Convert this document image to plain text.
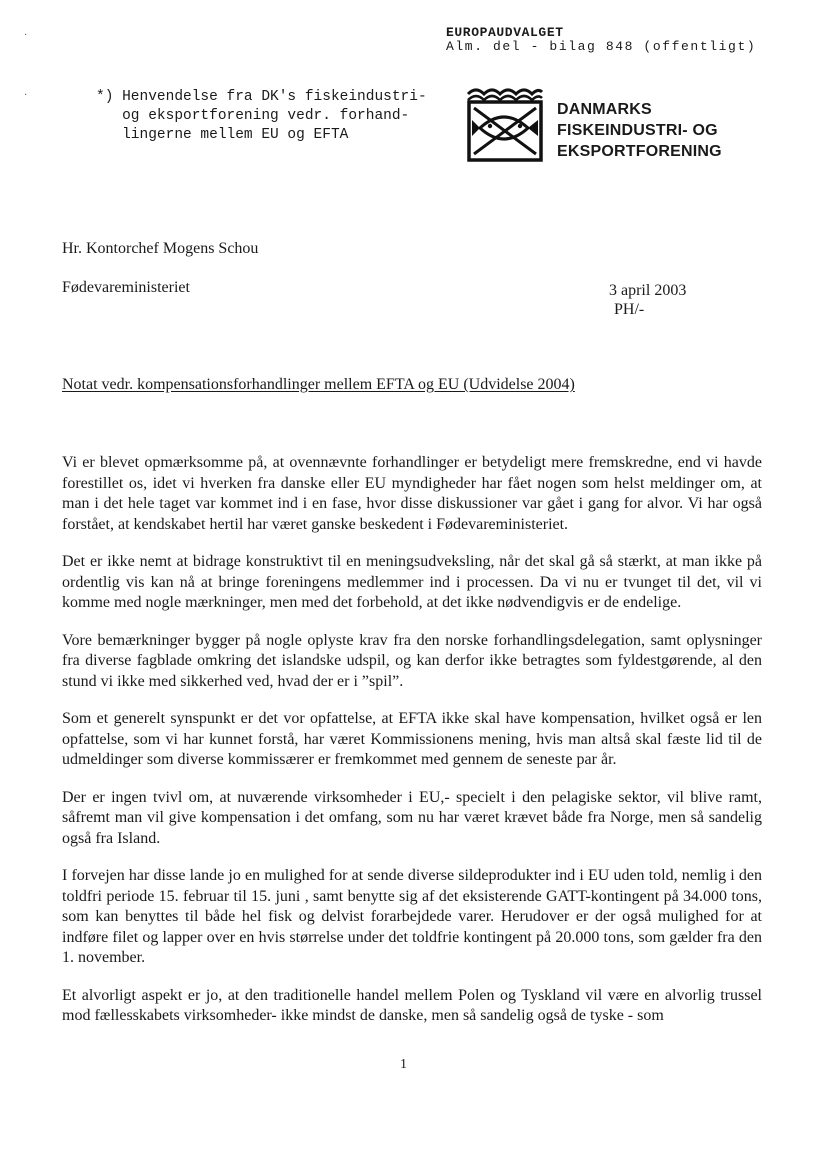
EUROPAUDVALGET
Alm. del - bilag 848 (offentligt)
·
·	*) Henvendelse fra DK's fiskeindustri-
og eksportforening vedr. forhand-
lingerne mellem EU og EFTA
DANMARKS
FISKEINDUSTRI- OG
EKSPORTFORENING
Hr. Kontorchef Mogens Schou
Fødevareministeriet	3 april 2003
PH/-
Notat vedr. kompensationsforhandlinger mellem EFTA og EU (Udvidelse 2004)

Vi er blevet opmærksomme på, at ovennævnte forhandlinger er betydeligt mere fremskredne, end vi havde forestillet os, idet vi hverken fra danske eller EU myndigheder har fået nogen som helst meldinger om, at man i det hele taget var kommet ind i en fase, hvor disse diskussioner var gået i gang for alvor. Vi har også forstået, at kendskabet hertil har været ganske beskedent i Fødevareministeriet.

Det er ikke nemt at bidrage konstruktivt til en meningsudveksling, når det skal gå så stærkt, at man ikke på ordentlig vis kan nå at bringe foreningens medlemmer ind i processen. Da vi nu er tvunget til det, vil vi komme med nogle mærkninger, men med det forbehold, at det ikke nødvendigvis er de endelige.

Vore bemærkninger bygger på nogle oplyste krav fra den norske forhandlingsdelegation, samt oplysninger fra diverse fagblade omkring det islandske udspil, og kan derfor ikke betragtes som fyldestgørende, al den stund vi ikke med sikkerhed ved, hvad der er i ”spil”.

Som et generelt synspunkt er det vor opfattelse, at EFTA ikke skal have kompensation, hvilket også er len opfattelse, som vi har kunnet forstå, har været Kommissionens mening, hvis man altså skal fæste lid til de udmeldinger som diverse kommissærer er fremkommet med gennem de seneste par år.

Der er ingen tvivl om, at nuværende virksomheder i EU,- specielt i den pelagiske sektor, vil blive ramt, såfremt man vil give kompensation i det omfang, som nu har været krævet både fra Norge, men så sandelig også fra Island.

I forvejen har disse lande jo en mulighed for at sende diverse sildeprodukter ind i EU uden told, nemlig i den toldfri periode 15. februar til 15. juni , samt benytte sig af det eksisterende GATT-kontingent på 34.000 tons, som kan benyttes til både hel fisk og delvist forarbejdede varer. Herudover er der også mulighed for at indføre filet og lapper over en hvis størrelse under det toldfrie kontingent på 20.000 tons, som gælder fra den 1. november.

Et alvorligt aspekt er jo, at den traditionelle handel mellem Polen og Tyskland vil være en alvorlig trussel mod fællesskabets virksomheder- ikke mindst de danske, men så sandelig også de tyske - som

1
